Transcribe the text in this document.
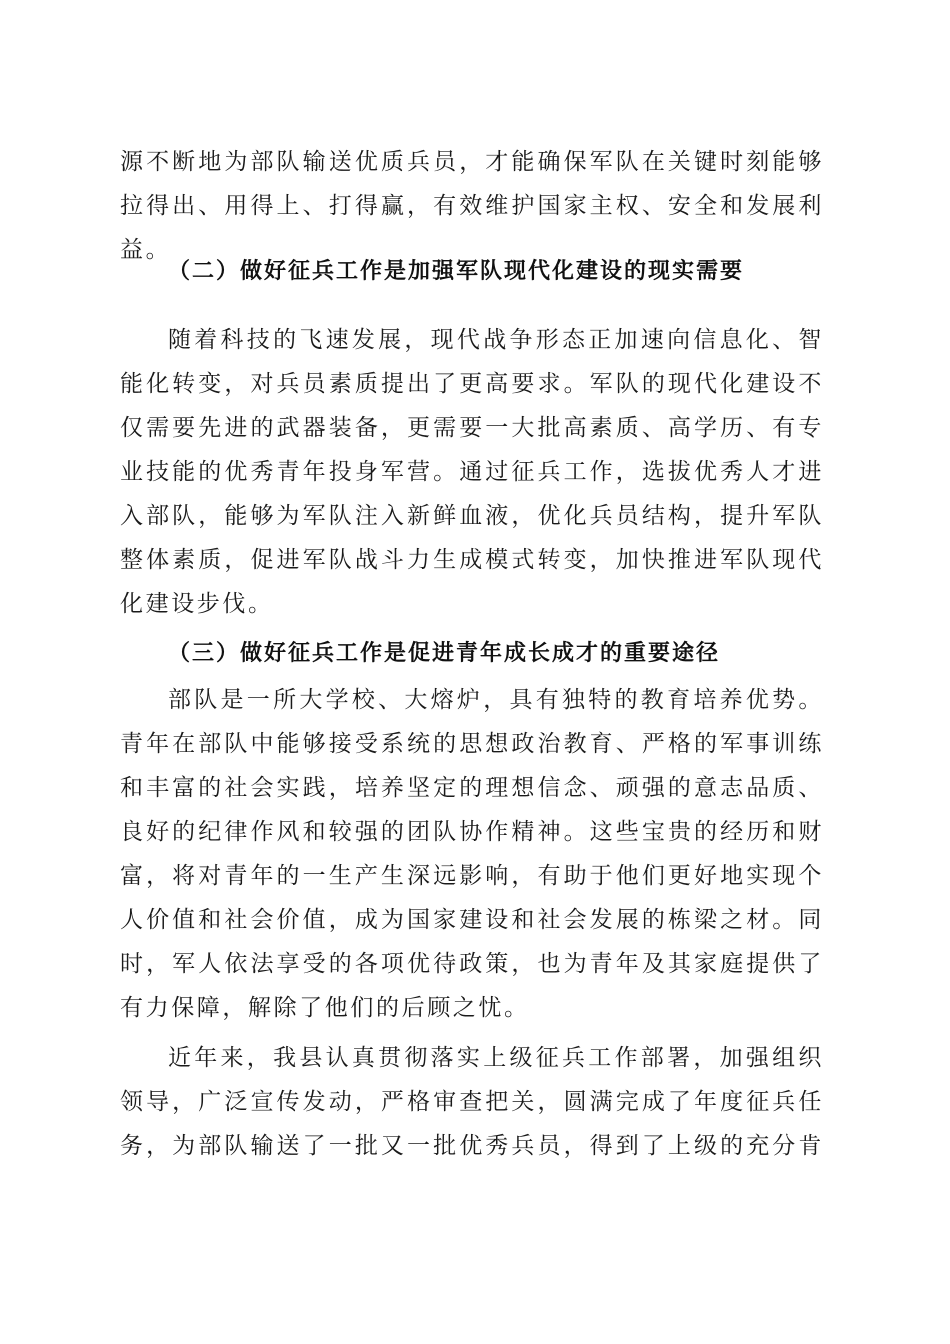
源不断地为部队输送优质兵员，才能确保军队在关键时刻能够
拉得出、用得上、打得赢，有效维护国家主权、安全和发展利
益。
（二）做好征兵工作是加强军队现代化建设的现实需要
随着科技的飞速发展，现代战争形态正加速向信息化、智
能化转变，对兵员素质提出了更高要求。军队的现代化建设不
仅需要先进的武器装备，更需要一大批高素质、高学历、有专
业技能的优秀青年投身军营。通过征兵工作，选拔优秀人才进
入部队，能够为军队注入新鲜血液，优化兵员结构，提升军队
整体素质，促进军队战斗力生成模式转变，加快推进军队现代
化建设步伐。
（三）做好征兵工作是促进青年成长成才的重要途径
部队是一所大学校、大熔炉，具有独特的教育培养优势。
青年在部队中能够接受系统的思想政治教育、严格的军事训练
和丰富的社会实践，培养坚定的理想信念、顽强的意志品质、
良好的纪律作风和较强的团队协作精神。这些宝贵的经历和财
富，将对青年的一生产生深远影响，有助于他们更好地实现个
人价值和社会价值，成为国家建设和社会发展的栋梁之材。同
时，军人依法享受的各项优待政策，也为青年及其家庭提供了
有力保障，解除了他们的后顾之忧。
近年来，我县认真贯彻落实上级征兵工作部署，加强组织
领导，广泛宣传发动，严格审查把关，圆满完成了年度征兵任
务，为部队输送了一批又一批优秀兵员，得到了上级的充分肯
